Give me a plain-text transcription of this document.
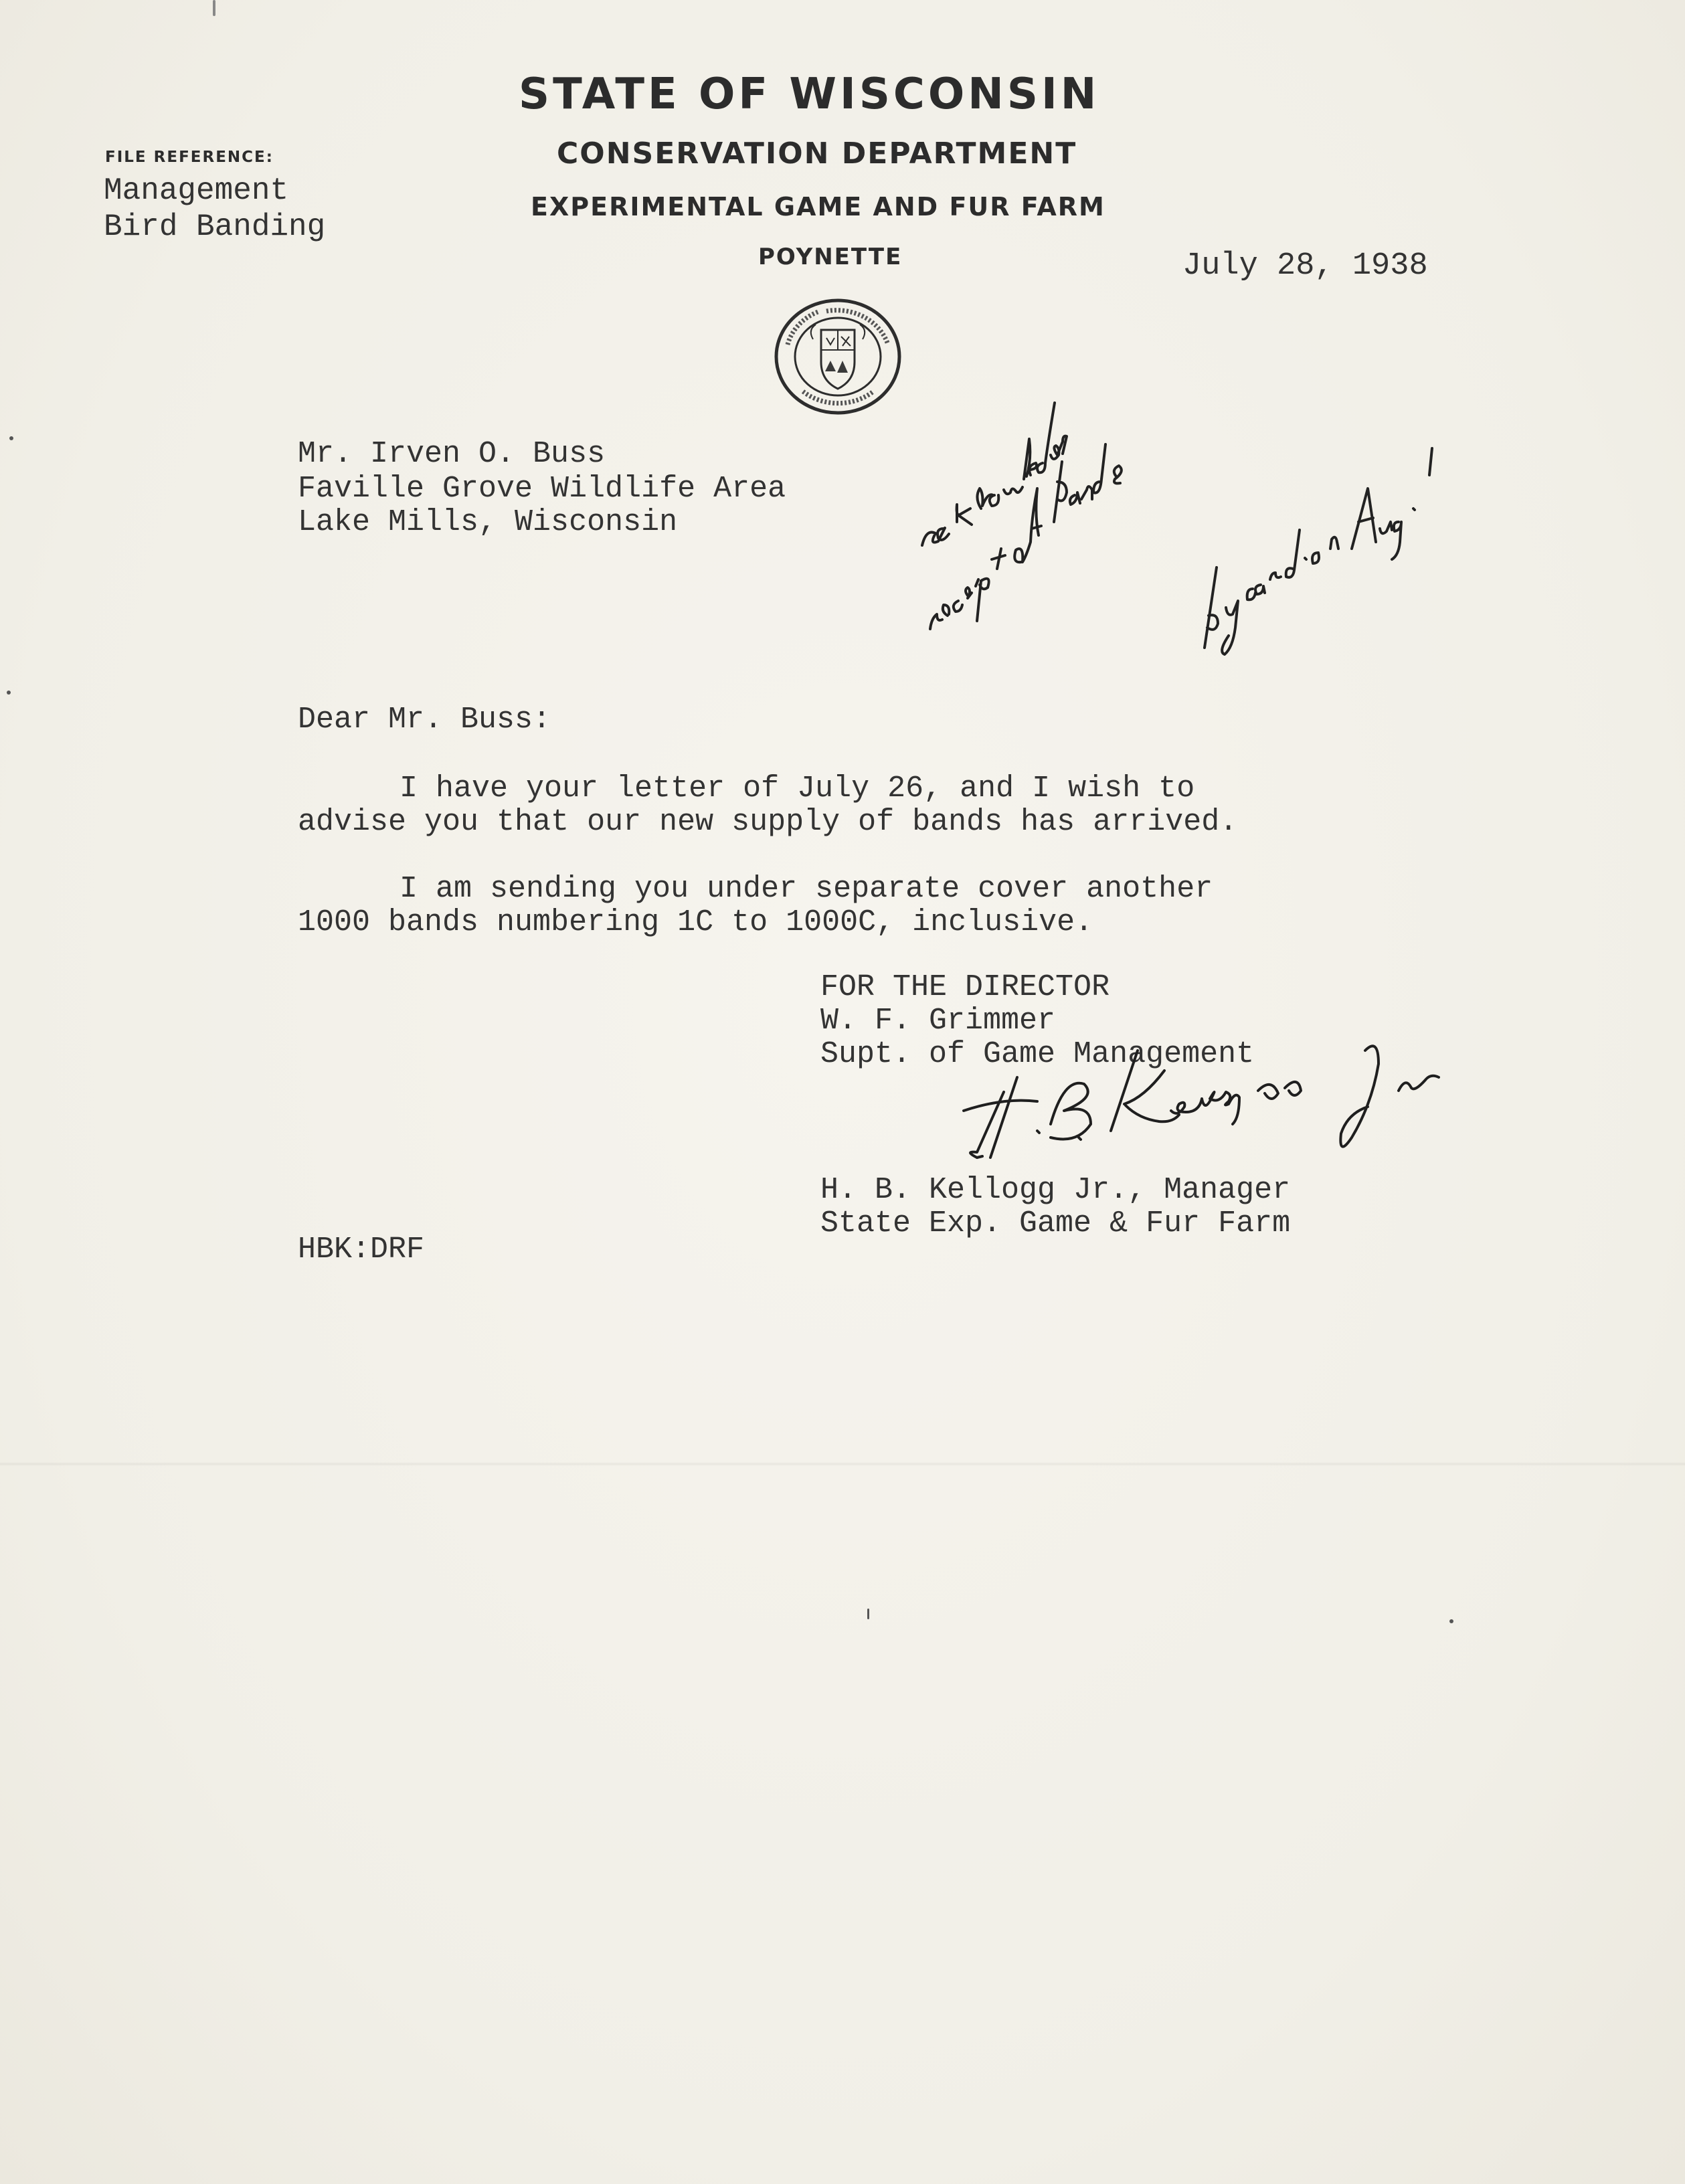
STATE OF WISCONSIN
CONSERVATION DEPARTMENT
EXPERIMENTAL GAME AND FUR FARM
POYNETTE
FILE REFERENCE:
Management
Bird Banding
July 28, 1938
Mr. Irven O. Buss
Faville Grove Wildlife Area
Lake Mills, Wisconsin
Dear Mr. Buss:
I have your letter of July 26, and I wish to
advise you that our new supply of bands has arrived.
I am sending you under separate cover another
1000 bands numbering 1C to 1000C, inclusive.
FOR THE DIRECTOR
W. F. Grimmer
Supt. of Game Management
H. B. Kellogg Jr., Manager
State Exp. Game & Fur Farm
HBK:DRF
